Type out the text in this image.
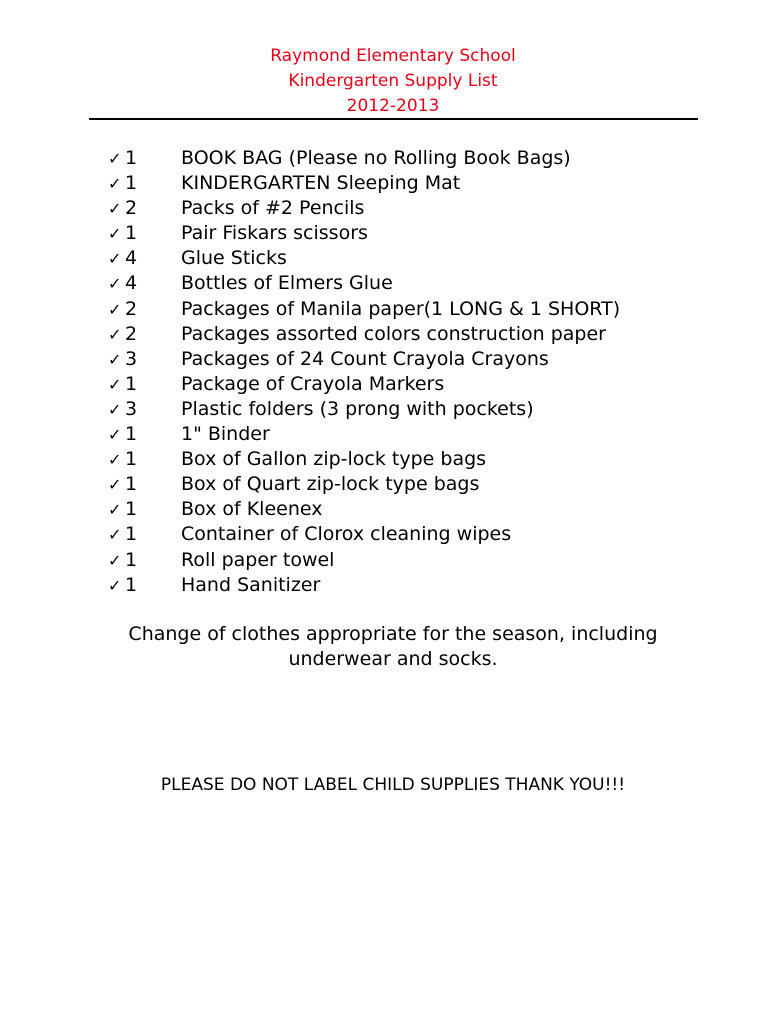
Raymond Elementary School
Kindergarten Supply List
2012-2013
✓ 1	BOOK BAG (Please no Rolling Book Bags)
✓ 1	KINDERGARTEN Sleeping Mat
✓ 2	Packs of #2 Pencils
✓ 1	Pair Fiskars scissors
✓ 4	Glue Sticks
✓ 4	Bottles of Elmers Glue
✓ 2	Packages of Manila paper(1 LONG & 1 SHORT)
✓ 2	Packages assorted colors construction paper
✓ 3	Packages of 24 Count Crayola Crayons
✓ 1	Package of Crayola Markers
✓ 3	Plastic folders (3 prong with pockets)
✓ 1	1" Binder
✓ 1	Box of Gallon zip-lock type bags
✓ 1	Box of Quart zip-lock type bags
✓ 1	Box of Kleenex
✓ 1	Container of Clorox cleaning wipes
✓ 1	Roll paper towel
✓ 1	Hand Sanitizer
Change of clothes appropriate for the season, including underwear and socks.
PLEASE DO NOT LABEL CHILD SUPPLIES THANK YOU!!!
